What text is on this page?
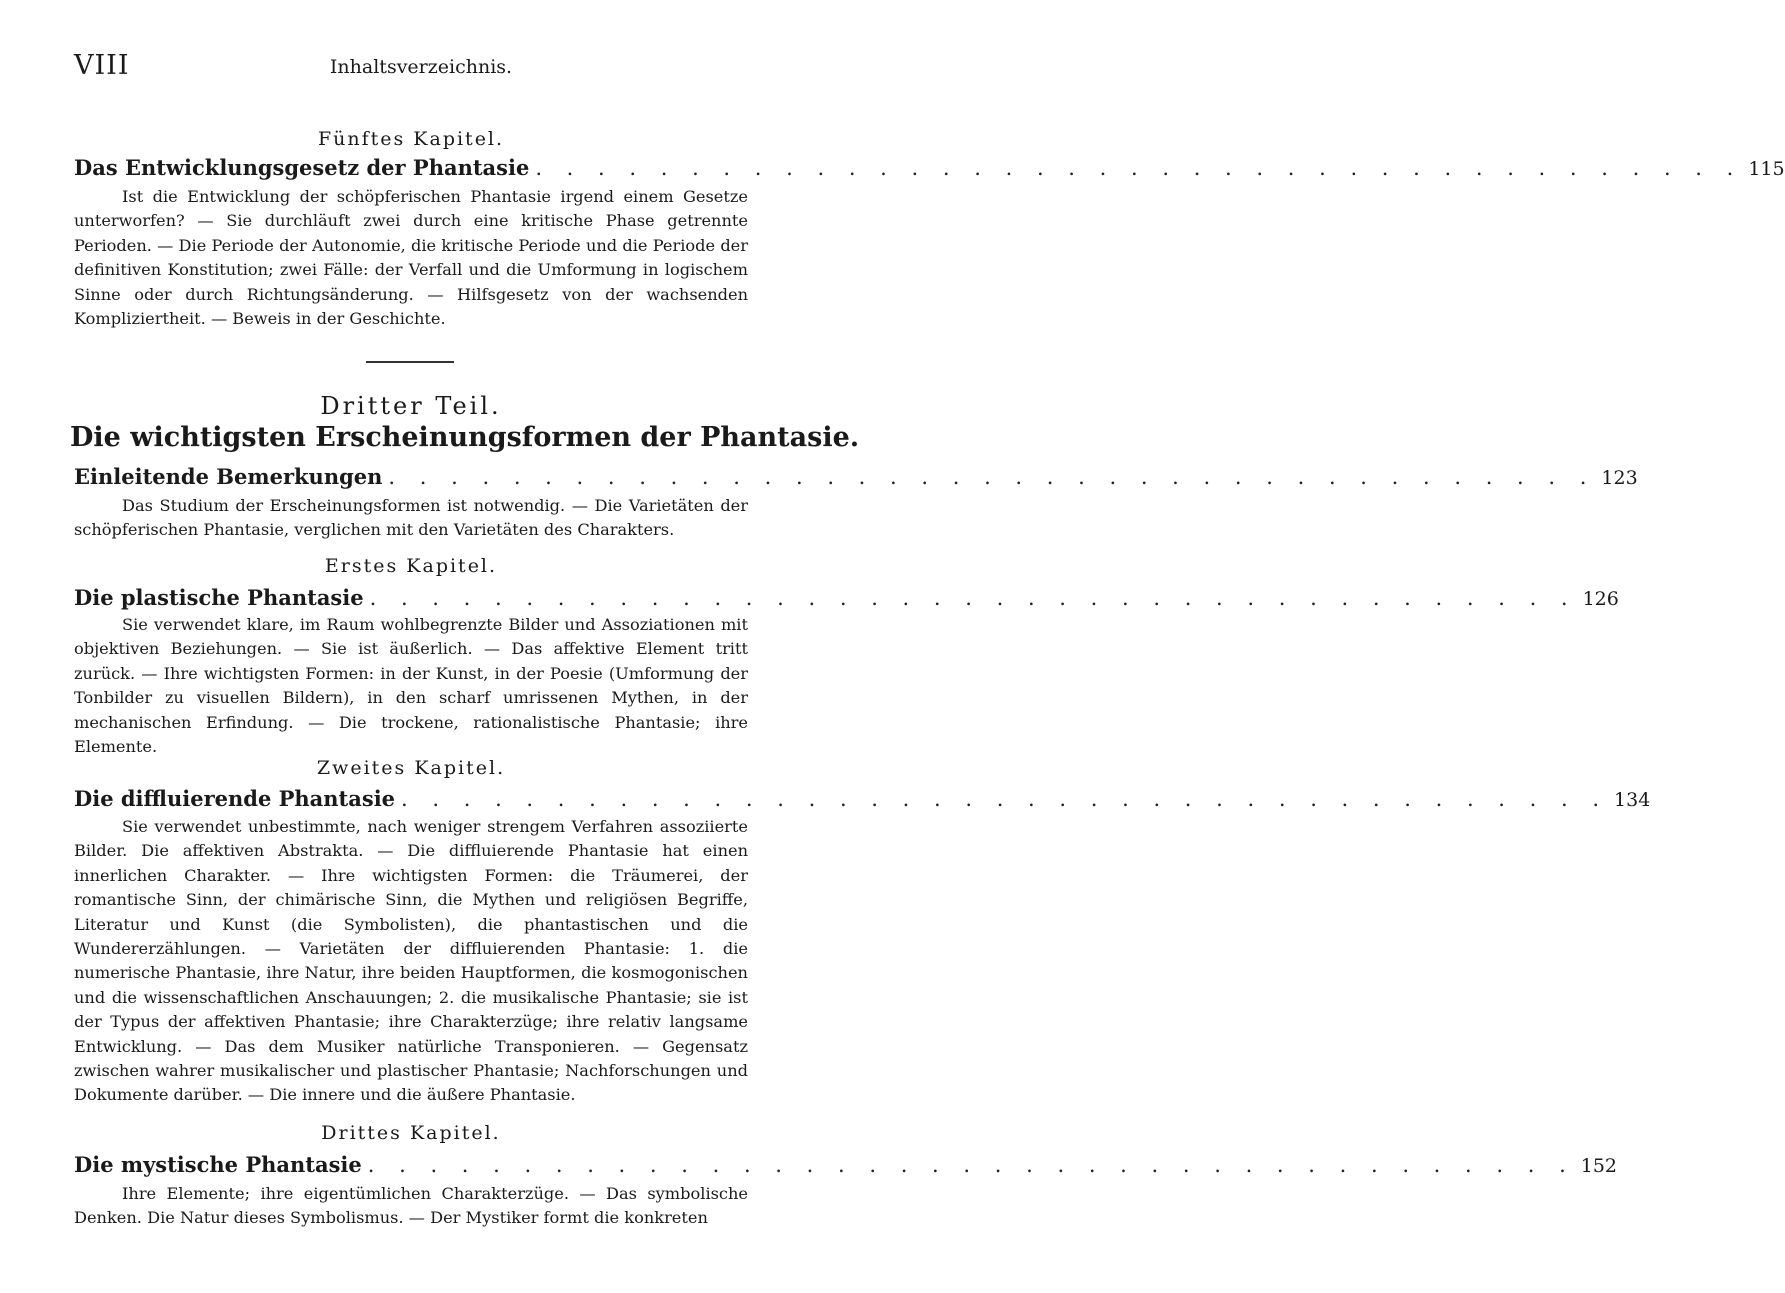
VIII	Inhaltsverzeichnis.
Fünftes Kapitel.
Das Entwicklungsgesetz der Phantasie . . . . . . . . . . . . . . . . . . . . . . . . . . . . . . . . . . . . . . . 115
Ist die Entwicklung der schöpferischen Phantasie irgend einem Gesetze unterworfen? — Sie durchläuft zwei durch eine kritische Phase getrennte Perioden. — Die Periode der Autonomie, die kritische Periode und die Periode der definitiven Konstitution; zwei Fälle: der Verfall und die Umformung in logischem Sinne oder durch Richtungsänderung. — Hilfsgesetz von der wachsenden Kompliziertheit. — Beweis in der Geschichte.
Dritter Teil.
Die wichtigsten Erscheinungsformen der Phantasie.
Einleitende Bemerkungen . . . . . . . . . . . . . . . . . . . . . . . . . . . . . . . . . . . . . . . 123
Das Studium der Erscheinungsformen ist notwendig. — Die Varietäten der schöpferischen Phantasie, verglichen mit den Varietäten des Charakters.
Erstes Kapitel.
Die plastische Phantasie . . . . . . . . . . . . . . . . . . . . . . . . . . . . . . . . . . . . . . . 126
Sie verwendet klare, im Raum wohlbegrenzte Bilder und Assoziationen mit objektiven Beziehungen. — Sie ist äußerlich. — Das affektive Element tritt zurück. — Ihre wichtigsten Formen: in der Kunst, in der Poesie (Umformung der Tonbilder zu visuellen Bildern), in den scharf umrissenen Mythen, in der mechanischen Erfindung. — Die trockene, rationalistische Phantasie; ihre Elemente.
Zweites Kapitel.
Die diffluierende Phantasie . . . . . . . . . . . . . . . . . . . . . . . . . . . . . . . . . . . . . . . 134
Sie verwendet unbestimmte, nach weniger strengem Verfahren assoziierte Bilder. Die affektiven Abstrakta. — Die diffluierende Phantasie hat einen innerlichen Charakter. — Ihre wichtigsten Formen: die Träumerei, der romantische Sinn, der chimärische Sinn, die Mythen und religiösen Begriffe, Literatur und Kunst (die Symbolisten), die phantastischen und die Wundererzählungen. — Varietäten der diffluierenden Phantasie: 1. die numerische Phantasie, ihre Natur, ihre beiden Hauptformen, die kosmogonischen und die wissenschaftlichen Anschauungen; 2. die musikalische Phantasie; sie ist der Typus der affektiven Phantasie; ihre Charakterzüge; ihre relativ langsame Entwicklung. — Das dem Musiker natürliche Transponieren. — Gegensatz zwischen wahrer musikalischer und plastischer Phantasie; Nachforschungen und Dokumente darüber. — Die innere und die äußere Phantasie.
Drittes Kapitel.
Die mystische Phantasie . . . . . . . . . . . . . . . . . . . . . . . . . . . . . . . . . . . . . . . 152
Ihre Elemente; ihre eigentümlichen Charakterzüge. — Das symbolische Denken. Die Natur dieses Symbolismus. — Der Mystiker formt die konkreten
